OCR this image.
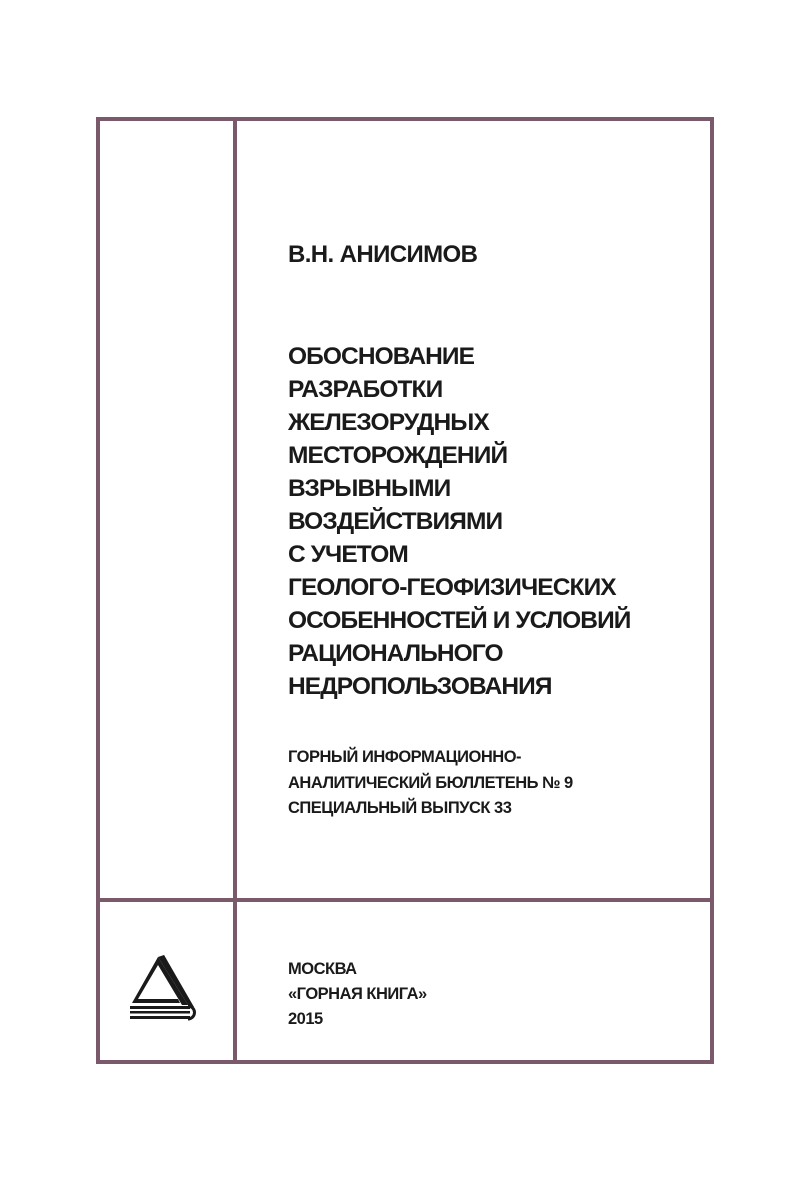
В.Н. АНИСИМОВ
ОБОСНОВАНИЕ
РАЗРАБОТКИ
ЖЕЛЕЗОРУДНЫХ
МЕСТОРОЖДЕНИЙ
ВЗРЫВНЫМИ
ВОЗДЕЙСТВИЯМИ
С УЧЕТОМ
ГЕОЛОГО-ГЕОФИЗИЧЕСКИХ
ОСОБЕННОСТЕЙ И УСЛОВИЙ
РАЦИОНАЛЬНОГО
НЕДРОПОЛЬЗОВАНИЯ
ГОРНЫЙ ИНФОРМАЦИОННО-
АНАЛИТИЧЕСКИЙ БЮЛЛЕТЕНЬ № 9
СПЕЦИАЛЬНЫЙ ВЫПУСК 33
МОСКВА
«ГОРНАЯ КНИГА»
2015
